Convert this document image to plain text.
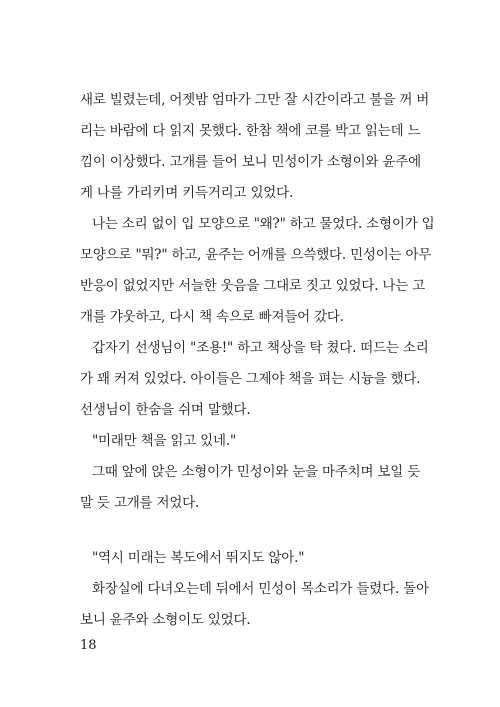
새로 빌렸는데, 어젯밤 엄마가 그만 잘 시간이라고 불을 꺼 버
리는 바람에 다 읽지 못했다. 한참 책에 코를 박고 읽는데 느
낌이 이상했다. 고개를 들어 보니 민성이가 소형이와 윤주에
게 나를 가리키며 키득거리고 있었다.
나는 소리 없이 입 모양으로 "왜?" 하고 물었다. 소형이가 입
모양으로 "뭐?" 하고, 윤주는 어깨를 으쓱했다. 민성이는 아무
반응이 없었지만 서늘한 웃음을 그대로 짓고 있었다. 나는 고
개를 갸웃하고, 다시 책 속으로 빠져들어 갔다.
갑자기 선생님이 "조용!" 하고 책상을 탁 쳤다. 떠드는 소리
가 꽤 커져 있었다. 아이들은 그제야 책을 펴는 시늉을 했다.
선생님이 한숨을 쉬며 말했다.
"미래만 책을 읽고 있네."
그때 앞에 앉은 소형이가 민성이와 눈을 마주치며 보일 듯
말 듯 고개를 저었다.
"역시 미래는 복도에서 뛰지도 않아."
화장실에 다녀오는데 뒤에서 민성이 목소리가 들렸다. 돌아
보니 윤주와 소형이도 있었다.
18
